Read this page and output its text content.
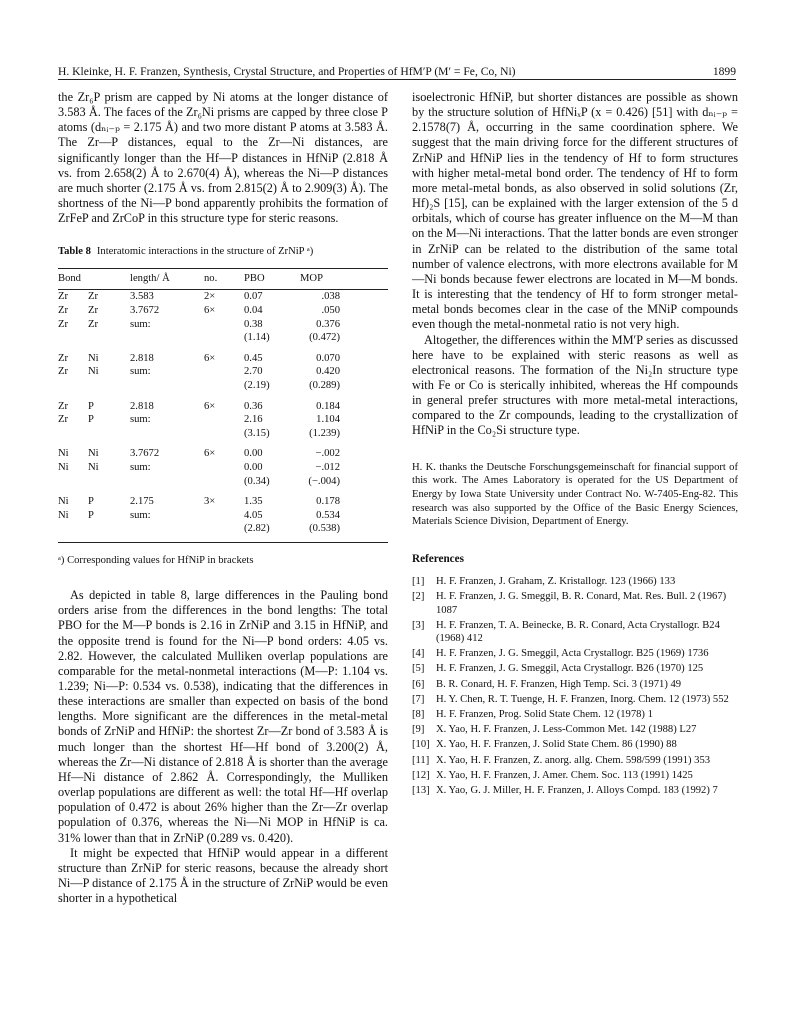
H. Kleinke, H. F. Franzen, Synthesis, Crystal Structure, and Properties of HfM′P (M′ = Fe, Co, Ni)	1899

the Zr₆P prism are capped by Ni atoms at the longer distance of 3.583 Å. The faces of the Zr₆Ni prisms are capped by three close P atoms (dₙᵢ₋ₚ = 2.175 Å) and two more distant P atoms at 3.583 Å. The Zr—P distances, equal to the Zr—Ni distances, are significantly longer than the Hf—P distances in HfNiP (2.818 Å vs. from 2.658(2) Å to 2.670(4) Å), whereas the Ni—P distances are much shorter (2.175 Å vs. from 2.815(2) Å to 2.909(3) Å). The shortness of the Ni—P bond apparently prohibits the formation of ZrFeP and ZrCoP in this structure type for steric reasons.

Table 8 Interatomic interactions in the structure of ZrNiP ᵃ)
Bond		length/ Å	no.	PBO	MOP
Zr	Zr	3.583	2×	0.07	.038
Zr	Zr	3.7672	6×	0.04	.050
Zr	Zr	sum:		0.38	0.376
				(1.14)	(0.472)
Zr	Ni	2.818	6×	0.45	0.070
Zr	Ni	sum:		2.70	0.420
				(2.19)	(0.289)
Zr	P	2.818	6×	0.36	0.184
Zr	P	sum:		2.16	1.104
				(3.15)	(1.239)
Ni	Ni	3.7672	6×	0.00	−.002
Ni	Ni	sum:		0.00	−.012
				(0.34)	(−.004)
Ni	P	2.175	3×	1.35	0.178
Ni	P	sum:		4.05	0.534
				(2.82)	(0.538)

ᵃ) Corresponding values for HfNiP in brackets

As depicted in table 8, large differences in the Pauling bond orders arise from the differences in the bond lengths: The total PBO for the M—P bonds is 2.16 in ZrNiP and 3.15 in HfNiP, and the opposite trend is found for the Ni—P bond orders: 4.05 vs. 2.82. However, the calculated Mulliken overlap populations are comparable for the metal-nonmetal interactions (M—P: 1.104 vs. 1.239; Ni—P: 0.534 vs. 0.538), indicating that the differences in these interactions are smaller than expected on basis of the bond lengths. More significant are the differences in the metal-metal bonds of ZrNiP and HfNiP: the shortest Zr—Zr bond of 3.583 Å is much longer than the shortest Hf—Hf bond of 3.200(2) Å, whereas the Zr—Ni distance of 2.818 Å is shorter than the average Hf—Ni distance of 2.862 Å. Correspondingly, the Mulliken overlap populations are different as well: the total Hf—Hf overlap population of 0.472 is about 26% higher than the Zr—Zr overlap population of 0.376, whereas the Ni—Ni MOP in HfNiP is ca. 31% lower than that in ZrNiP (0.289 vs. 0.420).

It might be expected that HfNiP would appear in a different structure than ZrNiP for steric reasons, because the already short Ni—P distance of 2.175 Å in the structure of ZrNiP would be even shorter in a hypothetical

isoelectronic HfNiP, but shorter distances are possible as shown by the structure solution of HfNiₓP (x = 0.426) [51] with dₙᵢ₋ₚ = 2.1578(7) Å, occurring in the same coordination sphere. We suggest that the main driving force for the different structures of ZrNiP and HfNiP lies in the tendency of Hf to form structures with higher metal-metal bond order. The tendency of Hf to form more metal-metal bonds, as also observed in solid solutions (Zr, Hf)₂S [15], can be explained with the larger extension of the 5 d orbitals, which of course has greater influence on the M—M than on the M—Ni interactions. That the latter bonds are even stronger in ZrNiP can be related to the distribution of the same total number of valence electrons, with more electrons available for M—Ni bonds because fewer electrons are located in M—M bonds. It is interesting that the tendency of Hf to form stronger metal-metal bonds becomes clear in the case of the MNiP compounds even though the metal-nonmetal ratio is not very high.

Altogether, the differences within the MM′P series as discussed here have to be explained with steric reasons as well as electronical reasons. The formation of the Ni₂In structure type with Fe or Co is sterically inhibited, whereas the Hf compounds in general prefer structures with more metal-metal interactions, compared to the Zr compounds, leading to the crystallization of HfNiP in the Co₂Si structure type.

H. K. thanks the Deutsche Forschungsgemeinschaft for financial support of this work. The Ames Laboratory is operated for the US Department of Energy by Iowa State University under Contract No. W-7405-Eng-82. This research was also supported by the Office of the Basic Energy Sciences, Materials Science Division, Department of Energy.

References
[1]	H. F. Franzen, J. Graham, Z. Kristallogr. 123 (1966) 133
[2]	H. F. Franzen, J. G. Smeggil, B. R. Conard, Mat. Res. Bull. 2 (1967) 1087
[3]	H. F. Franzen, T. A. Beinecke, B. R. Conard, Acta Crystallogr. B24 (1968) 412
[4]	H. F. Franzen, J. G. Smeggil, Acta Crystallogr. B25 (1969) 1736
[5]	H. F. Franzen, J. G. Smeggil, Acta Crystallogr. B26 (1970) 125
[6]	B. R. Conard, H. F. Franzen, High Temp. Sci. 3 (1971) 49
[7]	H. Y. Chen, R. T. Tuenge, H. F. Franzen, Inorg. Chem. 12 (1973) 552
[8]	H. F. Franzen, Prog. Solid State Chem. 12 (1978) 1
[9]	X. Yao, H. F. Franzen, J. Less-Common Met. 142 (1988) L27
[10] X. Yao, H. F. Franzen, J. Solid State Chem. 86 (1990) 88
[11] X. Yao, H. F. Franzen, Z. anorg. allg. Chem. 598/599 (1991) 353
[12] X. Yao, H. F. Franzen, J. Amer. Chem. Soc. 113 (1991) 1425
[13] X. Yao, G. J. Miller, H. F. Franzen, J. Alloys Compd. 183 (1992) 7
